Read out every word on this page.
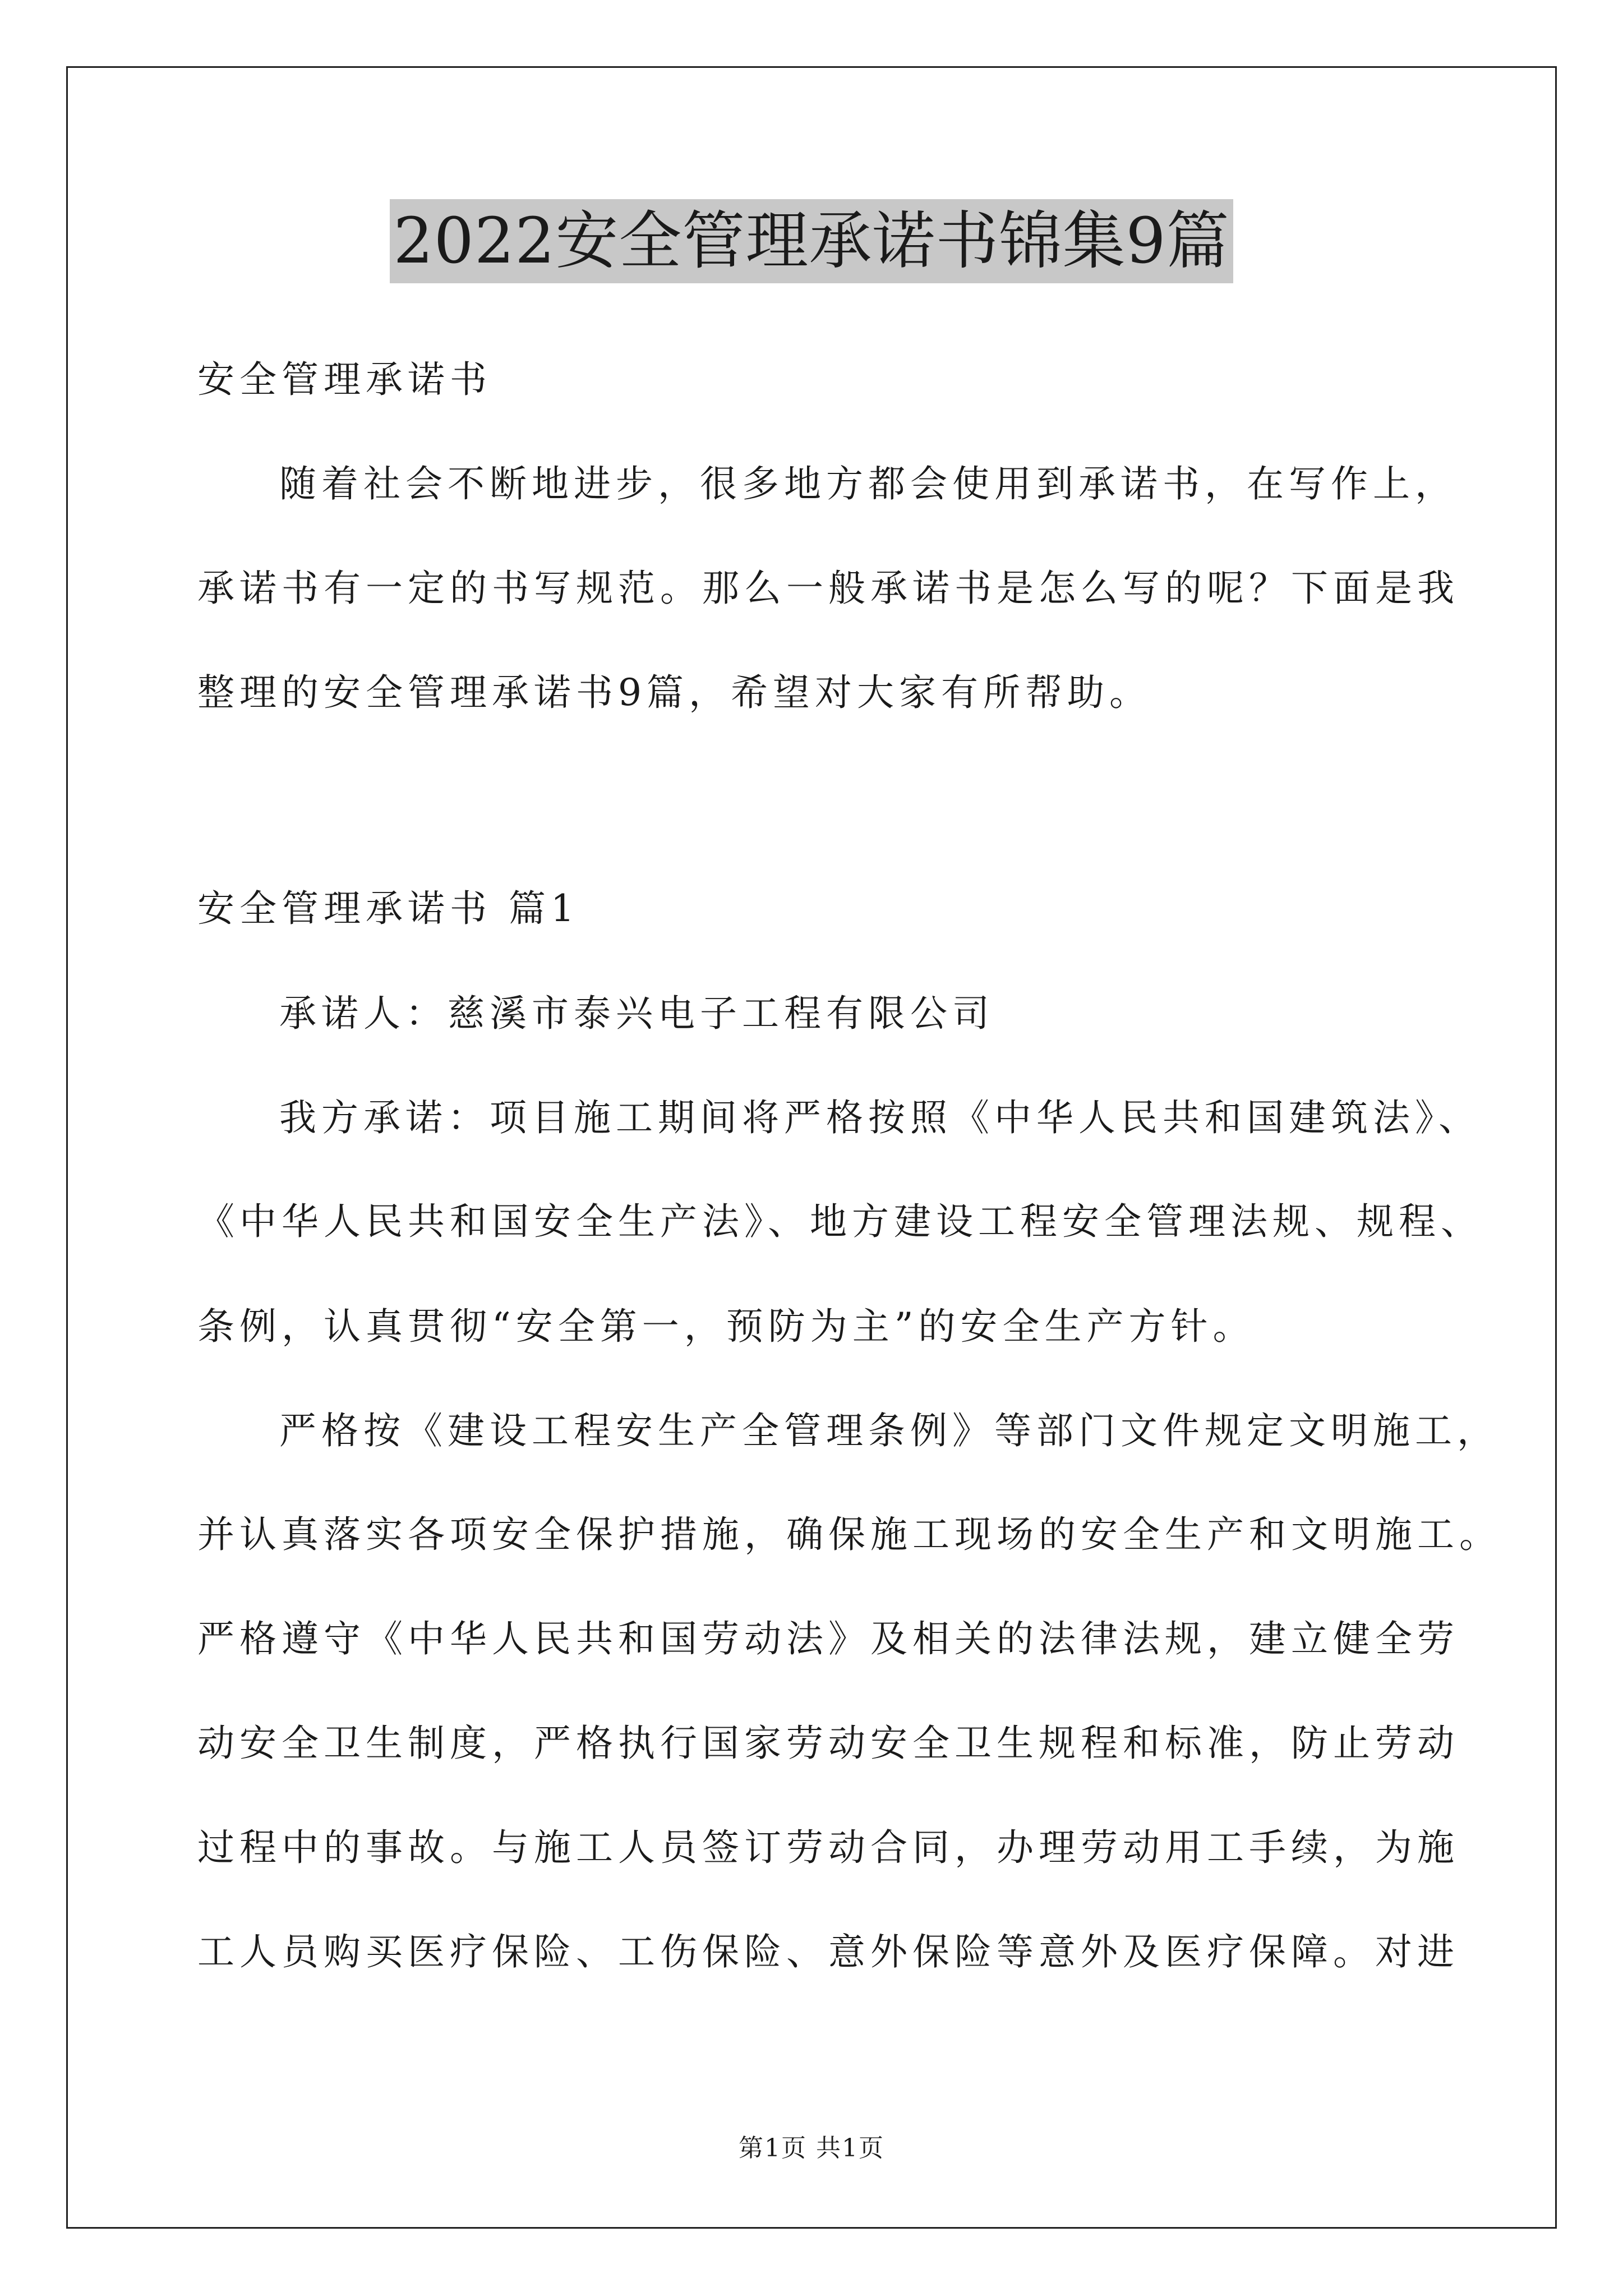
2022安全管理承诺书锦集9篇
安全管理承诺书
随着社会不断地进步，很多地方都会使用到承诺书，在写作上，
承诺书有一定的书写规范。那么一般承诺书是怎么写的呢？下面是我
整理的安全管理承诺书9篇，希望对大家有所帮助。
安全管理承诺书 篇1
承诺人：慈溪市泰兴电子工程有限公司
我方承诺：项目施工期间将严格按照《中华人民共和国建筑法》、
《中华人民共和国安全生产法》、地方建设工程安全管理法规、规程、
条例，认真贯彻“安全第一，预防为主”的安全生产方针。
严格按《建设工程安生产全管理条例》等部门文件规定文明施工，
并认真落实各项安全保护措施，确保施工现场的安全生产和文明施工。
严格遵守《中华人民共和国劳动法》及相关的法律法规，建立健全劳
动安全卫生制度，严格执行国家劳动安全卫生规程和标准，防止劳动
过程中的事故。与施工人员签订劳动合同，办理劳动用工手续，为施
工人员购买医疗保险、工伤保险、意外保险等意外及医疗保障。对进
第1页 共1页
